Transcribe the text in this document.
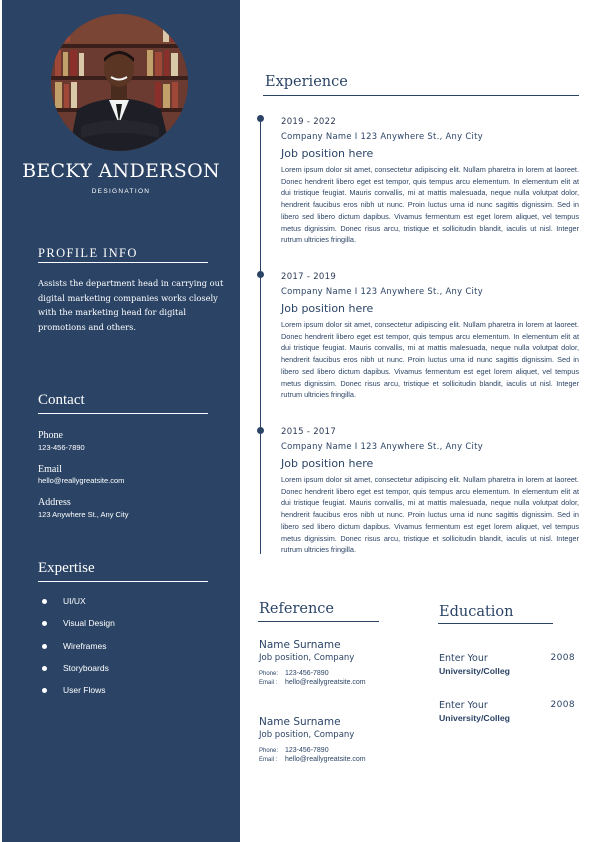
BECKY ANDERSON
DESIGNATION
PROFILE INFO
Assists the department head in carrying out digital marketing companies works closely with the marketing head for digital promotions and others.
Contact
Phone
123-456-7890
Email
hello@reallygreatsite.com
Address
123 Anywhere St., Any City
Expertise
UI/UX
Visual Design
Wireframes
Storyboards
User Flows
Experience
2019 - 2022
Company Name I 123 Anywhere St., Any City
Job position here
Lorem ipsum dolor sit amet, consectetur adipiscing elit. Nullam pharetra in lorem at laoreet. Donec hendrerit libero eget est tempor, quis tempus arcu elementum. In elementum elit at dui tristique feugiat. Mauris convallis, mi at mattis malesuada, neque nulla volutpat dolor, hendrerit faucibus eros nibh ut nunc. Proin luctus urna id nunc sagittis dignissim. Sed in libero sed libero dictum dapibus. Vivamus fermentum est eget lorem aliquet, vel tempus metus dignissim. Donec risus arcu, tristique et sollicitudin blandit, iaculis ut nisl. Integer rutrum ultricies fringilla.
2017 - 2019
Company Name I 123 Anywhere St., Any City
Job position here
Lorem ipsum dolor sit amet, consectetur adipiscing elit. Nullam pharetra in lorem at laoreet. Donec hendrerit libero eget est tempor, quis tempus arcu elementum. In elementum elit at dui tristique feugiat. Mauris convallis, mi at mattis malesuada, neque nulla volutpat dolor, hendrerit faucibus eros nibh ut nunc. Proin luctus urna id nunc sagittis dignissim. Sed in libero sed libero dictum dapibus. Vivamus fermentum est eget lorem aliquet, vel tempus metus dignissim. Donec risus arcu, tristique et sollicitudin blandit, iaculis ut nisl. Integer rutrum ultricies fringilla.
2015 - 2017
Company Name I 123 Anywhere St., Any City
Job position here
Lorem ipsum dolor sit amet, consectetur adipiscing elit. Nullam pharetra in lorem at laoreet. Donec hendrerit libero eget est tempor, quis tempus arcu elementum. In elementum elit at dui tristique feugiat. Mauris convallis, mi at mattis malesuada, neque nulla volutpat dolor, hendrerit faucibus eros nibh ut nunc. Proin luctus urna id nunc sagittis dignissim. Sed in libero sed libero dictum dapibus. Vivamus fermentum est eget lorem aliquet, vel tempus metus dignissim. Donec risus arcu, tristique et sollicitudin blandit, iaculis ut nisl. Integer rutrum ultricies fringilla.
Reference
Name Surname
Job position, Company
Phone: 123-456-7890
Email : hello@reallygreatsite.com
Name Surname
Job position, Company
Phone: 123-456-7890
Email : hello@reallygreatsite.com
Education
Enter Your	2008
University/Colleg
Enter Your	2008
University/Colleg
